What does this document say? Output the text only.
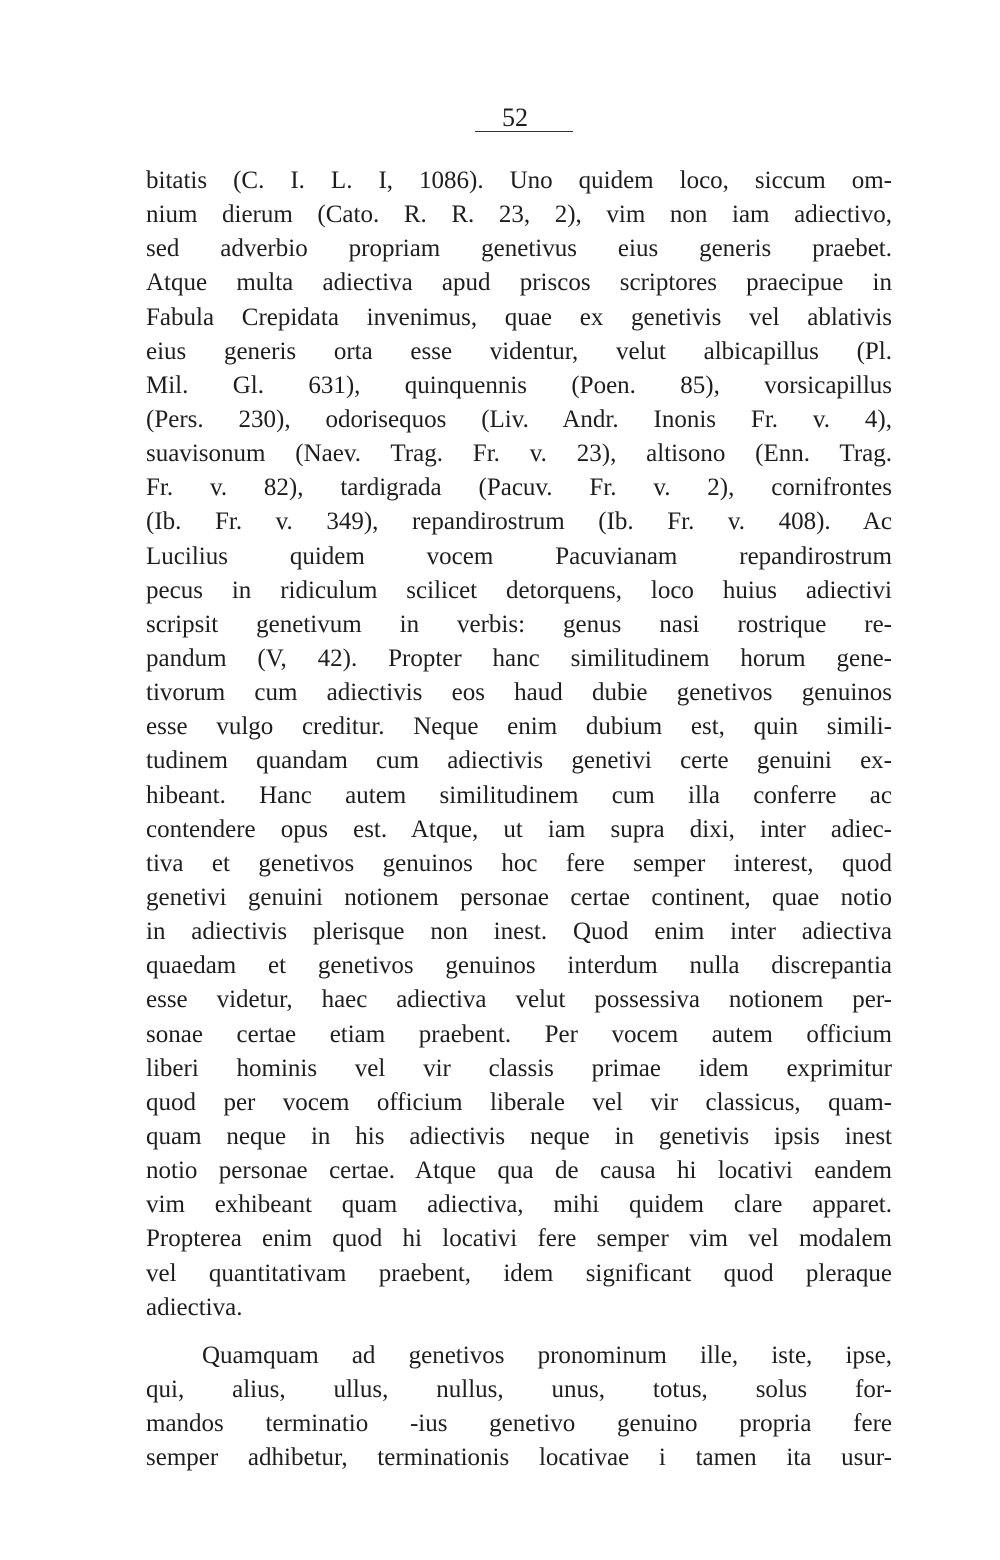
52
bitatis (C. I. L. I, 1086). Uno quidem loco, siccum om-
nium dierum (Cato. R. R. 23, 2), vim non iam adiectivo,
sed adverbio propriam genetivus eius generis praebet.
Atque multa adiectiva apud priscos scriptores praecipue in
Fabula Crepidata invenimus, quae ex genetivis vel ablativis
eius generis orta esse videntur, velut albicapillus (Pl.
Mil. Gl. 631), quinquennis (Poen. 85), vorsicapillus
(Pers. 230), odorisequos (Liv. Andr. Inonis Fr. v. 4),
suavisonum (Naev. Trag. Fr. v. 23), altisono (Enn. Trag.
Fr. v. 82), tardigrada (Pacuv. Fr. v. 2), cornifrontes
(Ib. Fr. v. 349), repandirostrum (Ib. Fr. v. 408). Ac
Lucilius quidem vocem Pacuvianam repandirostrum
pecus in ridiculum scilicet detorquens, loco huius adiectivi
scripsit genetivum in verbis: genus nasi rostrique re-
pandum (V, 42). Propter hanc similitudinem horum gene-
tivorum cum adiectivis eos haud dubie genetivos genuinos
esse vulgo creditur. Neque enim dubium est, quin simili-
tudinem quandam cum adiectivis genetivi certe genuini ex-
hibeant. Hanc autem similitudinem cum illa conferre ac
contendere opus est. Atque, ut iam supra dixi, inter adiec-
tiva et genetivos genuinos hoc fere semper interest, quod
genetivi genuini notionem personae certae continent, quae notio
in adiectivis plerisque non inest. Quod enim inter adiectiva
quaedam et genetivos genuinos interdum nulla discrepantia
esse videtur, haec adiectiva velut possessiva notionem per-
sonae certae etiam praebent. Per vocem autem officium
liberi hominis vel vir classis primae idem exprimitur
quod per vocem officium liberale vel vir classicus, quam-
quam neque in his adiectivis neque in genetivis ipsis inest
notio personae certae. Atque qua de causa hi locativi eandem
vim exhibeant quam adiectiva, mihi quidem clare apparet.
Propterea enim quod hi locativi fere semper vim vel modalem
vel quantitativam praebent, idem significant quod pleraque
adiectiva.
Quamquam ad genetivos pronominum ille, iste, ipse,
qui, alius, ullus, nullus, unus, totus, solus for-
mandos terminatio -ius genetivo genuino propria fere
semper adhibetur, terminationis locativae i tamen ita usur-
